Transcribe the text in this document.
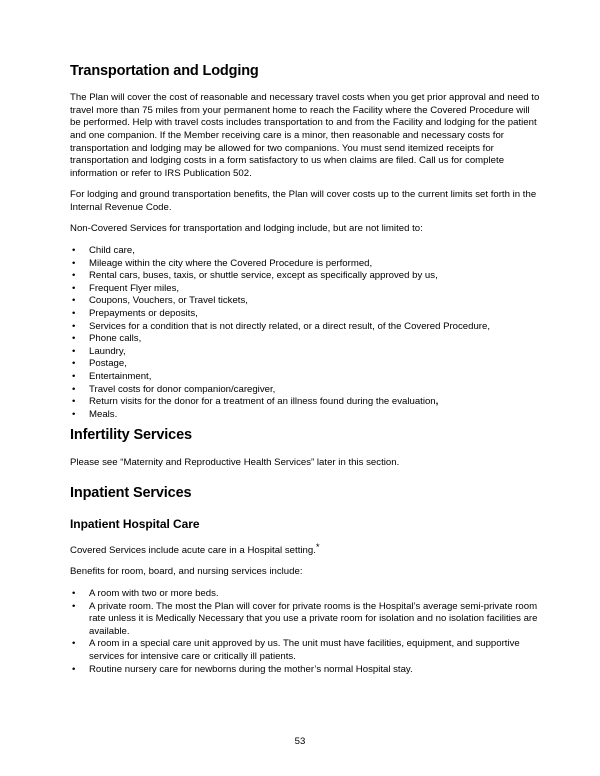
Transportation and Lodging

The Plan will cover the cost of reasonable and necessary travel costs when you get prior approval and need to travel more than 75 miles from your permanent home to reach the Facility where the Covered Procedure will be performed. Help with travel costs includes transportation to and from the Facility and lodging for the patient and one companion. If the Member receiving care is a minor, then reasonable and necessary costs for transportation and lodging may be allowed for two companions. You must send itemized receipts for transportation and lodging costs in a form satisfactory to us when claims are filed. Call us for complete information or refer to IRS Publication 502.

For lodging and ground transportation benefits, the Plan will cover costs up to the current limits set forth in the Internal Revenue Code.

Non-Covered Services for transportation and lodging include, but are not limited to:

• Child care,
• Mileage within the city where the Covered Procedure is performed,
• Rental cars, buses, taxis, or shuttle service, except as specifically approved by us,
• Frequent Flyer miles,
• Coupons, Vouchers, or Travel tickets,
• Prepayments or deposits,
• Services for a condition that is not directly related, or a direct result, of the Covered Procedure,
• Phone calls,
• Laundry,
• Postage,
• Entertainment,
• Travel costs for donor companion/caregiver,
• Return visits for the donor for a treatment of an illness found during the evaluation,
• Meals.
Infertility Services

Please see “Maternity and Reproductive Health Services” later in this section.

Inpatient Services
Inpatient Hospital Care

Covered Services include acute care in a Hospital setting.*

Benefits for room, board, and nursing services include:

• A room with two or more beds.
• A private room. The most the Plan will cover for private rooms is the Hospital’s average semi-private room rate unless it is Medically Necessary that you use a private room for isolation and no isolation facilities are available.
• A room in a special care unit approved by us. The unit must have facilities, equipment, and supportive services for intensive care or critically ill patients.
• Routine nursery care for newborns during the mother’s normal Hospital stay.
53
